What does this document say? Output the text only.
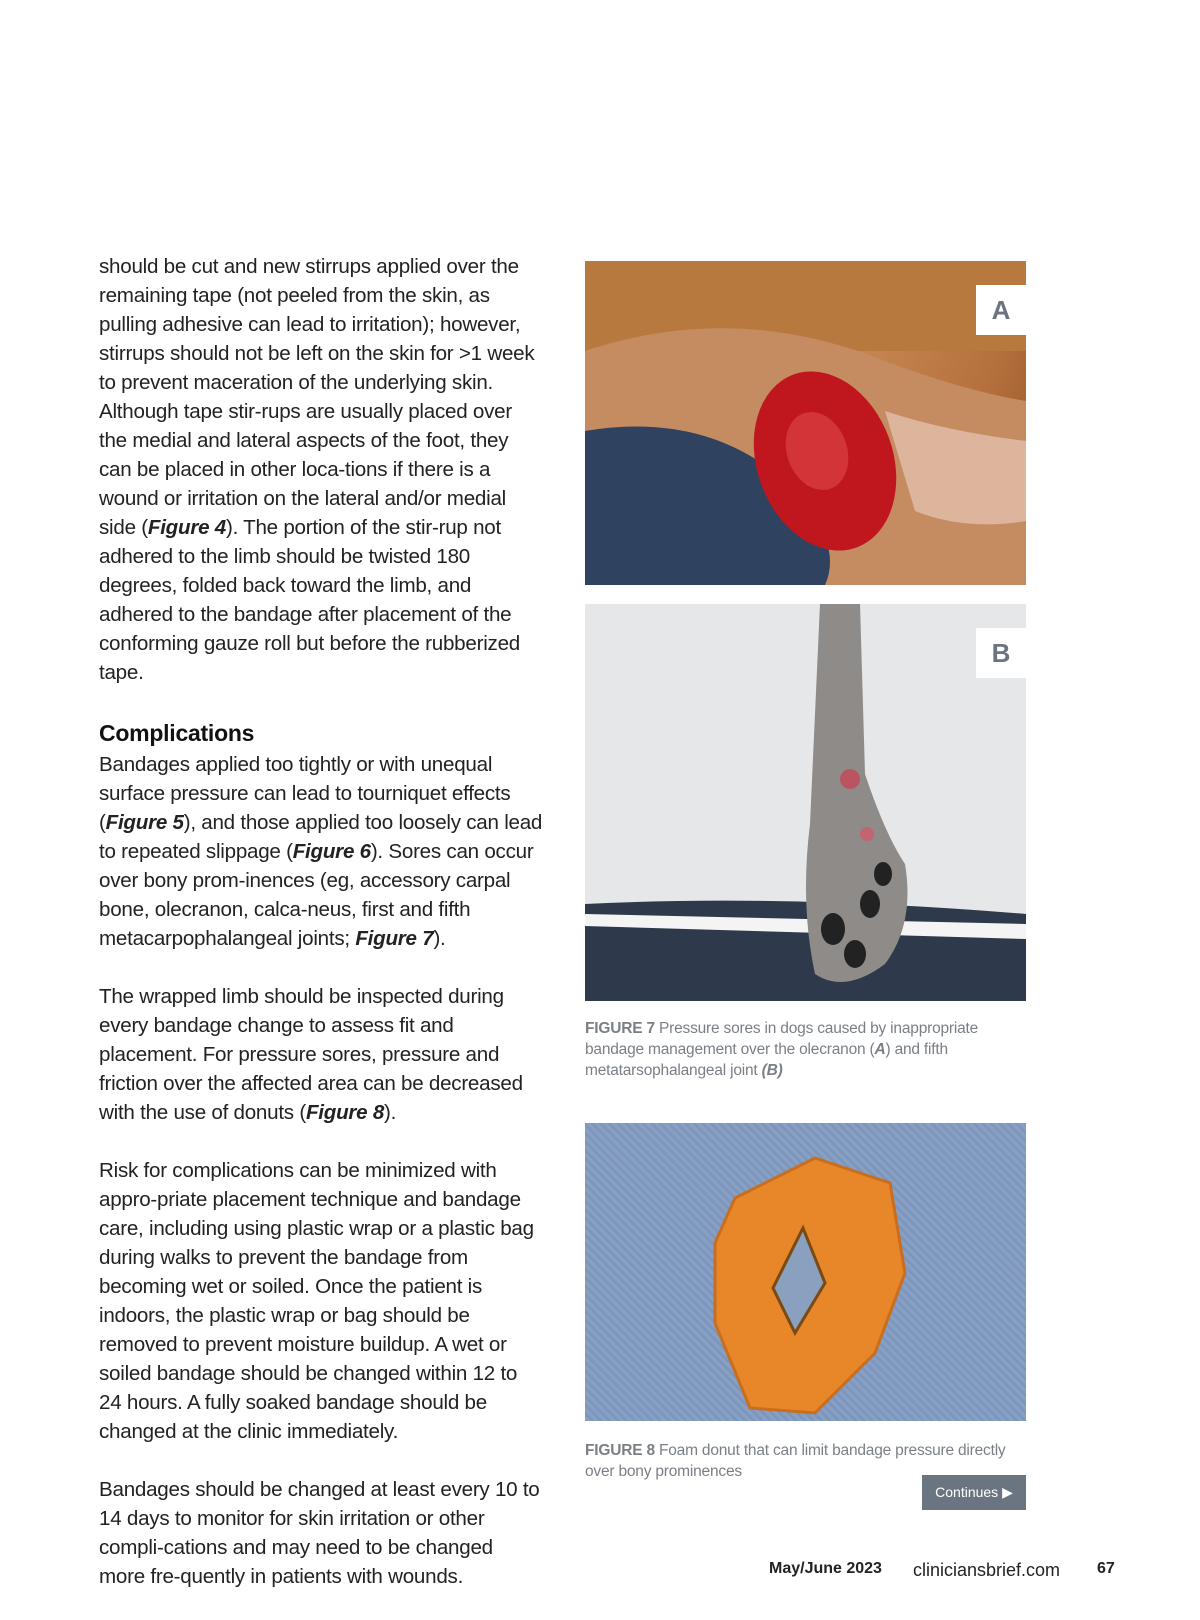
should be cut and new stirrups applied over the remaining tape (not peeled from the skin, as pulling adhesive can lead to irritation); however, stirrups should not be left on the skin for >1 week to prevent maceration of the underlying skin. Although tape stir-rups are usually placed over the medial and lateral aspects of the foot, they can be placed in other loca-tions if there is a wound or irritation on the lateral and/or medial side (Figure 4). The portion of the stir-rup not adhered to the limb should be twisted 180 degrees, folded back toward the limb, and adhered to the bandage after placement of the conforming gauze roll but before the rubberized tape.

Complications

Bandages applied too tightly or with unequal surface pressure can lead to tourniquet effects (Figure 5), and those applied too loosely can lead to repeated slippage (Figure 6). Sores can occur over bony prom-inences (eg, accessory carpal bone, olecranon, calca-neus, first and fifth metacarpophalangeal joints; Figure 7).

The wrapped limb should be inspected during every bandage change to assess fit and placement. For pressure sores, pressure and friction over the affected area can be decreased with the use of donuts (Figure 8).

Risk for complications can be minimized with appro-priate placement technique and bandage care, including using plastic wrap or a plastic bag during walks to prevent the bandage from becoming wet or soiled. Once the patient is indoors, the plastic wrap or bag should be removed to prevent moisture buildup. A wet or soiled bandage should be changed within 12 to 24 hours. A fully soaked bandage should be changed at the clinic immediately.

Bandages should be changed at least every 10 to 14 days to monitor for skin irritation or other compli-cations and may need to be changed more fre-quently in patients with wounds.

A
B
FIGURE 7 Pressure sores in dogs caused by inappropriate bandage management over the olecranon (A) and fifth metatarsophalangeal joint (B)
FIGURE 8 Foam donut that can limit bandage pressure directly over bony prominences
Continues ▶
May/June 2023 cliniciansbrief.com 67
